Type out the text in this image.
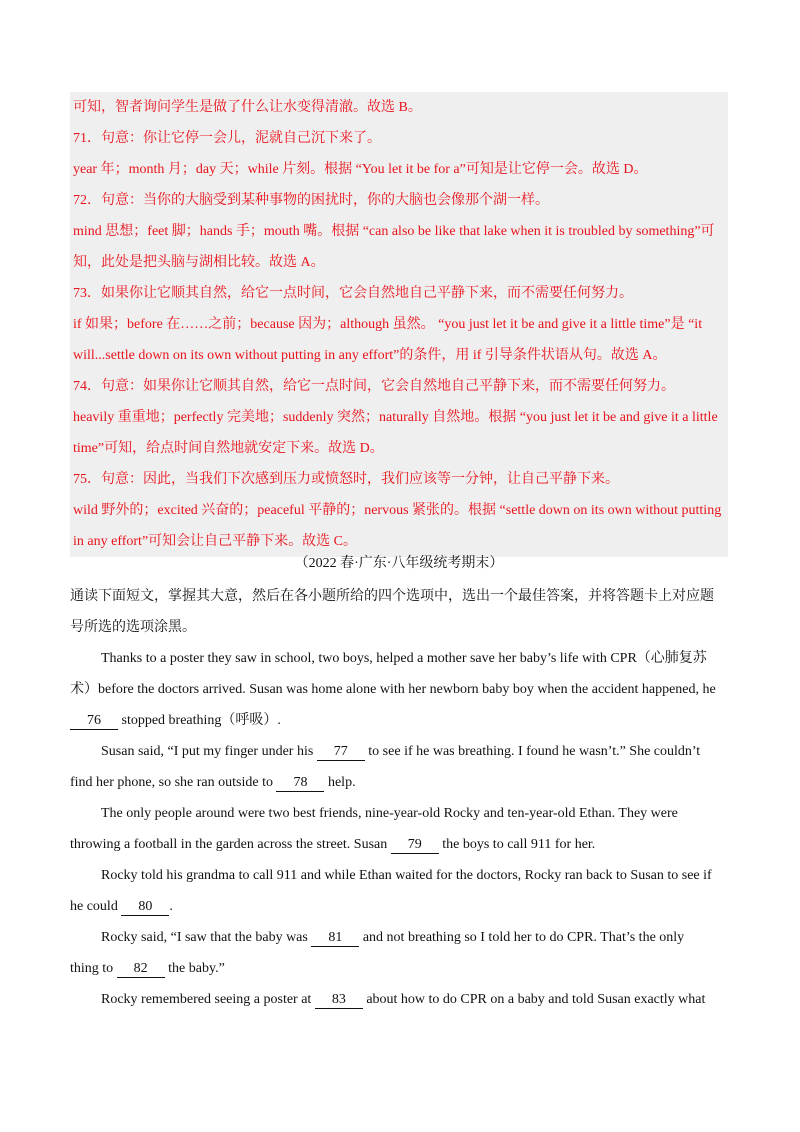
可知，智者询问学生是做了什么让水变得清澈。故选 B。
71．句意：你让它停一会儿，泥就自己沉下来了。
year 年；month 月；day 天；while 片刻。根据 “You let it be for a”可知是让它停一会。故选 D。
72．句意：当你的大脑受到某种事物的困扰时，你的大脑也会像那个湖一样。
mind 思想；feet 脚；hands 手；mouth 嘴。根据 “can also be like that lake when it is troubled by something”可
知，此处是把头脑与湖相比较。故选 A。
73．如果你让它顺其自然，给它一点时间，它会自然地自己平静下来，而不需要任何努力。
if 如果；before 在……之前；because 因为；although 虽然。 “you just let it be and give it a little time”是 “it
will...settle down on its own without putting in any effort”的条件，用 if 引导条件状语从句。故选 A。
74．句意：如果你让它顺其自然，给它一点时间，它会自然地自己平静下来，而不需要任何努力。
heavily 重重地；perfectly 完美地；suddenly 突然；naturally 自然地。根据 “you just let it be and give it a little
time”可知，给点时间自然地就安定下来。故选 D。
75．句意：因此，当我们下次感到压力或愤怒时，我们应该等一分钟，让自己平静下来。
wild 野外的；excited 兴奋的；peaceful 平静的；nervous 紧张的。根据 “settle down on its own without putting
in any effort”可知会让自己平静下来。故选 C。
（2022 春·广东·八年级统考期末）
通读下面短文，掌握其大意，然后在各小题所给的四个选项中，选出一个最佳答案，并将答题卡上对应题
号所选的选项涂黑。
Thanks to a poster they saw in school, two boys, helped a mother save her baby’s life with CPR（心肺复苏
术）before the doctors arrived. Susan was home alone with her newborn baby boy when the accident happened, he
76 stopped breathing（呼吸）.
Susan said, “I put my finger under his 77 to see if he was breathing. I found he wasn’t.” She couldn’t
find her phone, so she ran outside to 78 help.
The only people around were two best friends, nine-year-old Rocky and ten-year-old Ethan. They were
throwing a football in the garden across the street. Susan 79 the boys to call 911 for her.
Rocky told his grandma to call 911 and while Ethan waited for the doctors, Rocky ran back to Susan to see if
he could 80 .
Rocky said, “I saw that the baby was 81 and not breathing so I told her to do CPR. That’s the only
thing to 82 the baby.”
Rocky remembered seeing a poster at 83 about how to do CPR on a baby and told Susan exactly what
